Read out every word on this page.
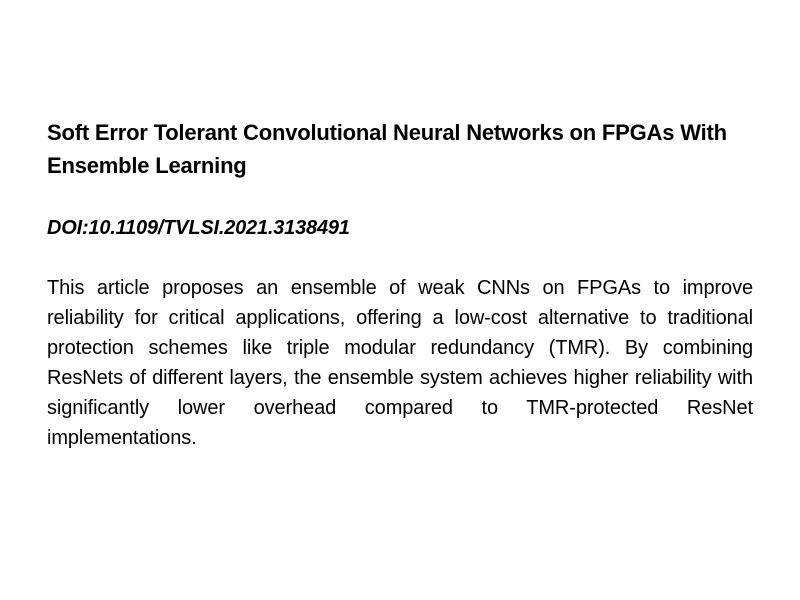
Soft Error Tolerant Convolutional Neural Networks on FPGAs With Ensemble Learning
DOI:10.1109/TVLSI.2021.3138491

This article proposes an ensemble of weak CNNs on FPGAs to improve reliability for critical applications, offering a low-cost alternative to traditional protection schemes like triple modular redundancy (TMR). By combining ResNets of different layers, the ensemble system achieves higher reliability with significantly lower overhead compared to TMR-protected ResNet implementations.
